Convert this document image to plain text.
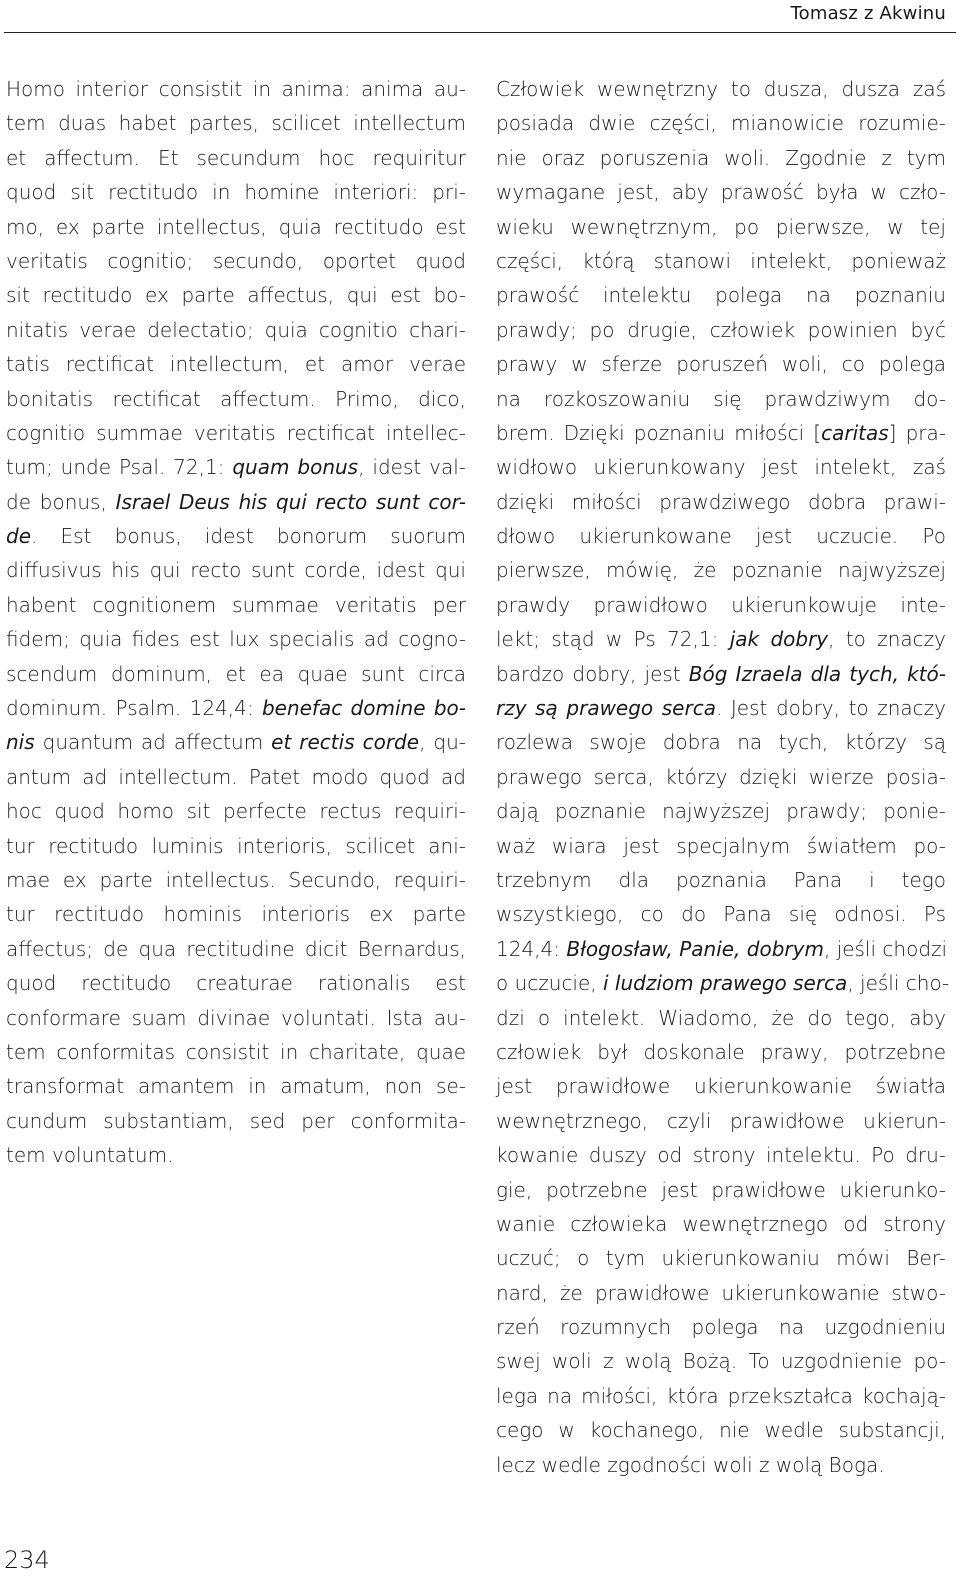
Tomasz z Akwinu
Homo interior consistit in anima: anima au-
tem duas habet partes, scilicet intellectum
et affectum. Et secundum hoc requiritur
quod sit rectitudo in homine interiori: pri-
mo, ex parte intellectus, quia rectitudo est
veritatis cognitio; secundo, oportet quod
sit rectitudo ex parte affectus, qui est bo-
nitatis verae delectatio; quia cognitio chari-
tatis rectificat intellectum, et amor verae
bonitatis rectificat affectum. Primo, dico,
cognitio summae veritatis rectificat intellec-
tum; unde Psal. 72,1: quam bonus, idest val-
de bonus, Israel Deus his qui recto sunt cor-
de. Est bonus, idest bonorum suorum
diffusivus his qui recto sunt corde, idest qui
habent cognitionem summae veritatis per
fidem; quia fides est lux specialis ad cogno-
scendum dominum, et ea quae sunt circa
dominum. Psalm. 124,4: benefac domine bo-
nis quantum ad affectum et rectis corde, qu-
antum ad intellectum. Patet modo quod ad
hoc quod homo sit perfecte rectus requiri-
tur rectitudo luminis interioris, scilicet ani-
mae ex parte intellectus. Secundo, requiri-
tur rectitudo hominis interioris ex parte
affectus; de qua rectitudine dicit Bernardus,
quod rectitudo creaturae rationalis est
conformare suam divinae voluntati. Ista au-
tem conformitas consistit in charitate, quae
transformat amantem in amatum, non se-
cundum substantiam, sed per conformita-
tem voluntatum.
Człowiek wewnętrzny to dusza, dusza zaś
posiada dwie części, mianowicie rozumie-
nie oraz poruszenia woli. Zgodnie z tym
wymagane jest, aby prawość była w czło-
wieku wewnętrznym, po pierwsze, w tej
części, którą stanowi intelekt, ponieważ
prawość intelektu polega na poznaniu
prawdy; po drugie, człowiek powinien być
prawy w sferze poruszeń woli, co polega
na rozkoszowaniu się prawdziwym do-
brem. Dzięki poznaniu miłości [caritas] pra-
widłowo ukierunkowany jest intelekt, zaś
dzięki miłości prawdziwego dobra prawi-
dłowo ukierunkowane jest uczucie. Po
pierwsze, mówię, że poznanie najwyższej
prawdy prawidłowo ukierunkowuje inte-
lekt; stąd w Ps 72,1: jak dobry, to znaczy
bardzo dobry, jest Bóg Izraela dla tych, któ-
rzy są prawego serca. Jest dobry, to znaczy
rozlewa swoje dobra na tych, którzy są
prawego serca, którzy dzięki wierze posia-
dają poznanie najwyższej prawdy; ponie-
waż wiara jest specjalnym światłem po-
trzebnym dla poznania Pana i tego
wszystkiego, co do Pana się odnosi. Ps
124,4: Błogosław, Panie, dobrym, jeśli chodzi
o uczucie, i ludziom prawego serca, jeśli cho-
dzi o intelekt. Wiadomo, że do tego, aby
człowiek był doskonale prawy, potrzebne
jest prawidłowe ukierunkowanie światła
wewnętrznego, czyli prawidłowe ukierun-
kowanie duszy od strony intelektu. Po dru-
gie, potrzebne jest prawidłowe ukierunko-
wanie człowieka wewnętrznego od strony
uczuć; o tym ukierunkowaniu mówi Ber-
nard, że prawidłowe ukierunkowanie stwo-
rzeń rozumnych polega na uzgodnieniu
swej woli z wolą Bożą. To uzgodnienie po-
lega na miłości, która przekształca kochają-
cego w kochanego, nie wedle substancji,
lecz wedle zgodności woli z wolą Boga.
234
